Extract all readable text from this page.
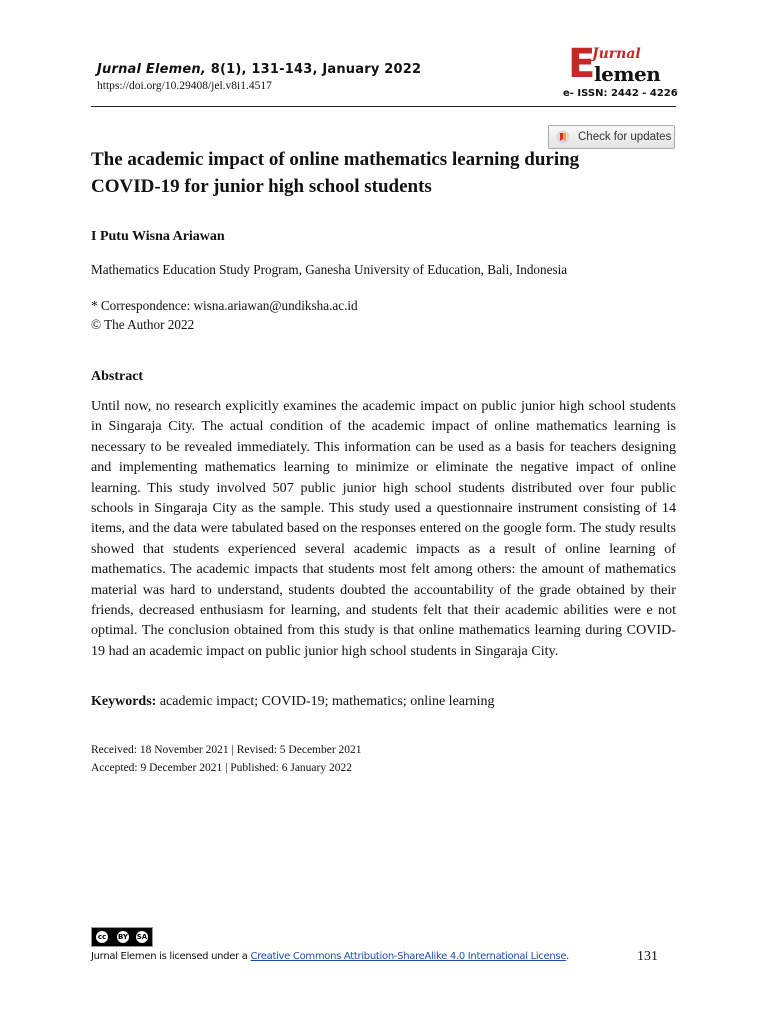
Jurnal Elemen, 8(1), 131-143, January 2022
https://doi.org/10.29408/jel.v8i1.4517	E
Jurnal
lemen
e- ISSN: 2442 - 4226
Check for updates
The academic impact of online mathematics learning during COVID-19 for junior high school students
I Putu Wisna Ariawan
Mathematics Education Study Program, Ganesha University of Education, Bali, Indonesia
* Correspondence: wisna.ariawan@undiksha.ac.id
© The Author 2022
Abstract
Until now, no research explicitly examines the academic impact on public junior high school students in Singaraja City. The actual condition of the academic impact of online mathematics learning is necessary to be revealed immediately. This information can be used as a basis for teachers designing and implementing mathematics learning to minimize or eliminate the negative impact of online learning. This study involved 507 public junior high school students distributed over four public schools in Singaraja City as the sample. This study used a questionnaire instrument consisting of 14 items, and the data were tabulated based on the responses entered on the google form. The study results showed that students experienced several academic impacts as a result of online learning of mathematics. The academic impacts that students most felt among others: the amount of mathematics material was hard to understand, students doubted the accountability of the grade obtained by their friends, decreased enthusiasm for learning, and students felt that their academic abilities were e not optimal. The conclusion obtained from this study is that online mathematics learning during COVID-19 had an academic impact on public junior high school students in Singaraja City.
Keywords: academic impact; COVID-19; mathematics; online learning
Received: 18 November 2021 | Revised: 5 December 2021
Accepted: 9 December 2021 | Published: 6 January 2022
cc	BY SA
Jurnal Elemen is licensed under a Creative Commons Attribution-ShareAlike 4.0 International License.	131
